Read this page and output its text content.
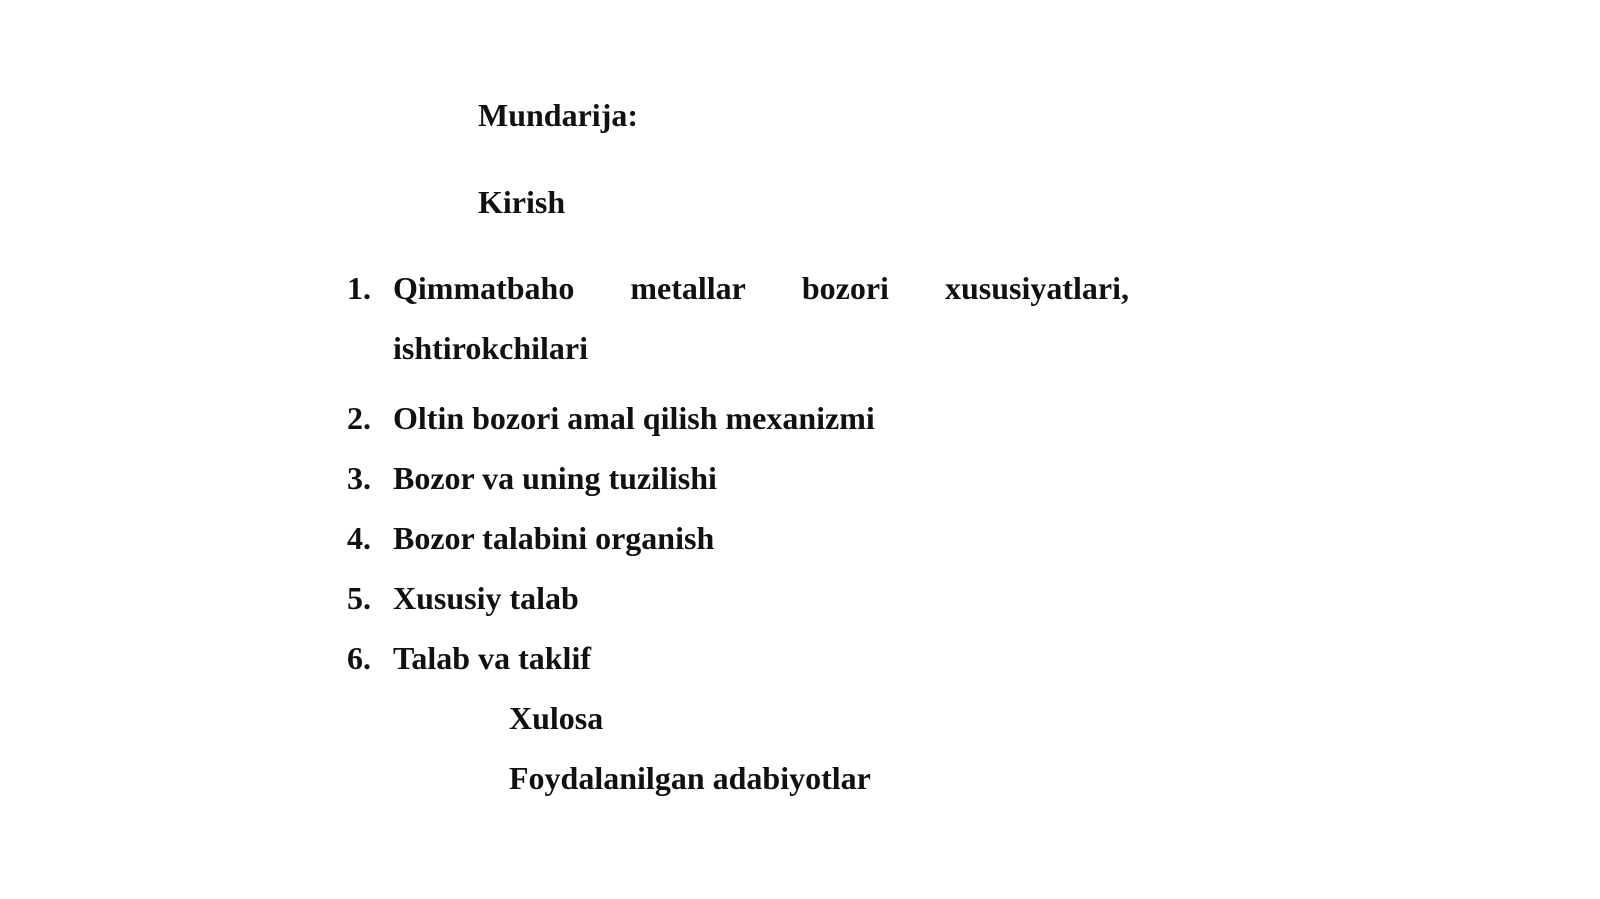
Mundarija:
Kirish
1. Qimmatbaho metallar bozori xususiyatlari,
ishtirokchilari
2. Oltin bozori amal qilish mexanizmi
3. Bozor va uning tuzilishi
4. Bozor talabini organish
5. Xususiy talab
6. Talab va taklif
Xulosa
Foydalanilgan adabiyotlar
